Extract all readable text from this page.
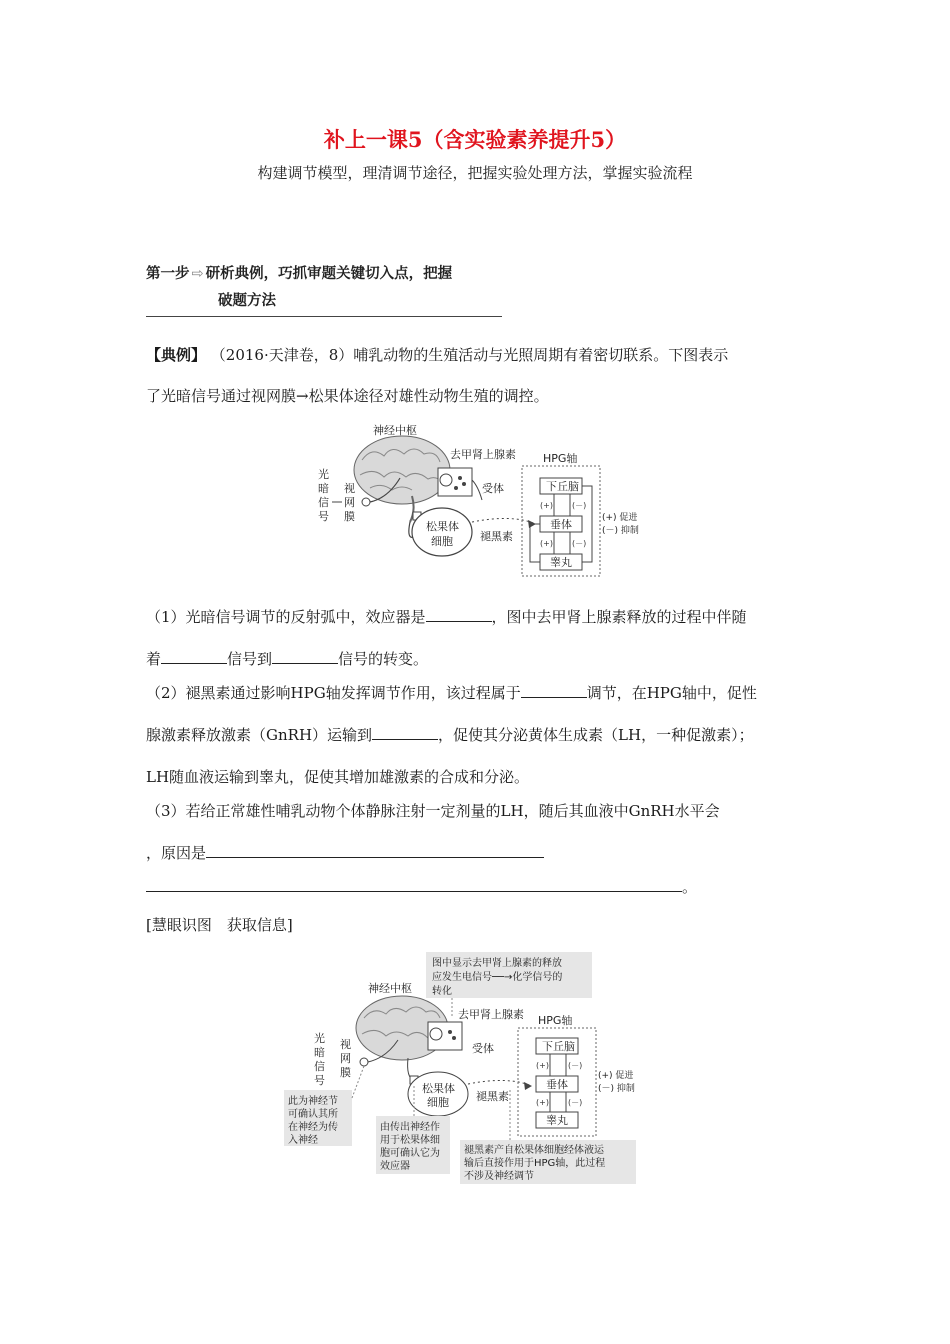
补上一课5（含实验素养提升5）
构建调节模型，理清调节途径，把握实验处理方法，掌握实验流程
第一步 ⇨ 研析典例，巧抓审题关键切入点，把握
破题方法
【典例】 （2016·天津卷，8）哺乳动物的生殖活动与光照周期有着密切联系。下图表示
了光暗信号通过视网膜→松果体途径对雄性动物生殖的调控。
神经中枢
光
暗
信
号
视
网
膜
去甲肾上腺素
受体
松果体
细胞 褪黑素
HPG轴
下丘脑
垂体
睾丸
(+) (－)
(+) (－)
(+) 促进
(－) 抑制
（1）光暗信号调节的反射弧中，效应器是	，图中去甲肾上腺素释放的过程中伴随
着	信号到	信号的转变。
（2）褪黑素通过影响HPG轴发挥调节作用，该过程属于	调节，在HPG轴中，促性
腺激素释放激素（GnRH）运输到	，促使其分泌黄体生成素（LH，一种促激素）；
LH随血液运输到睾丸，促使其增加雄激素的合成和分泌。
（3）若给正常雄性哺乳动物个体静脉注射一定剂量的LH，随后其血液中GnRH水平会
，原因是
。
[慧眼识图　获取信息]
图中显示去甲肾上腺素的释放
应发生电信号──→化学信号的
转化
神经中枢
光
暗
信
号
视
网
膜
去甲肾上腺素
受体
松果体
细胞 褪黑素
HPG轴
下丘脑
垂体
睾丸
(+) (－)
(+) (－)
(+) 促进
(－) 抑制
此为神经节
可确认其所
在神经为传
入神经
由传出神经作
用于松果体细
胞可确认它为
效应器
褪黑素产自松果体细胞经体液运
输后直接作用于HPG轴，此过程
不涉及神经调节
